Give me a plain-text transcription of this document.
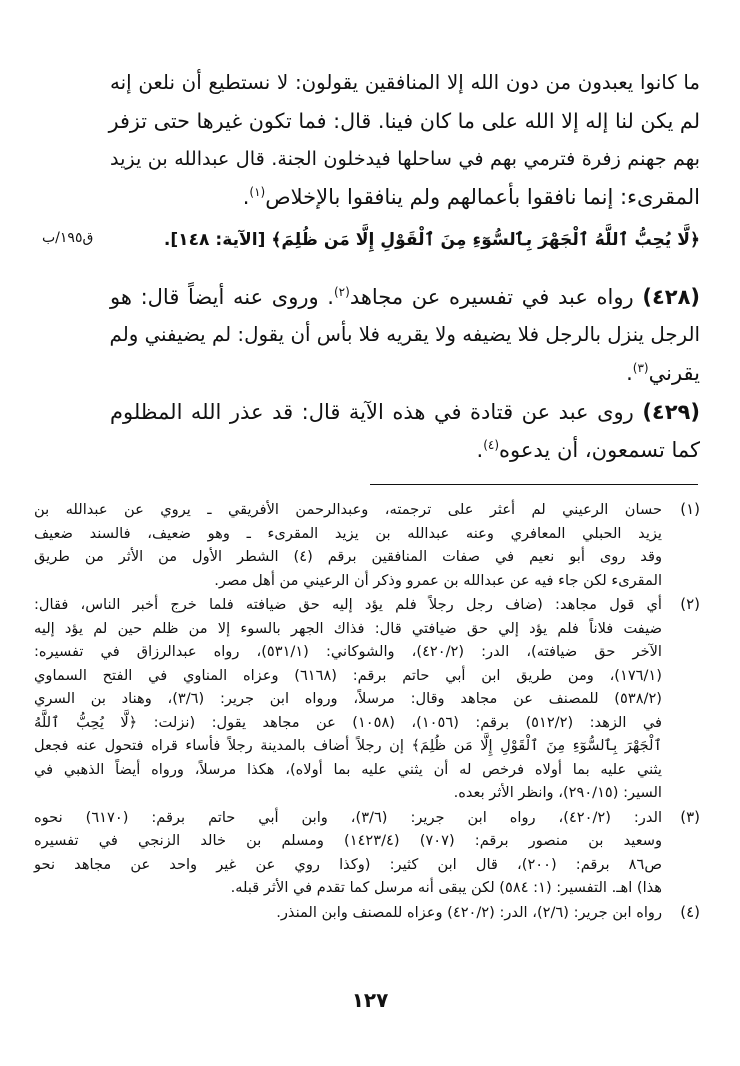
ما كانوا يعبدون من دون الله إلا المنافقين يقولون: لا نستطيع أن نلعن إنه
لم يكن لنا إله إلا الله على ما كان فينا. قال: فما تكون غيرها حتى تزفر
بهم جهنم زفرة فترمي بهم في ساحلها فيدخلون الجنة. قال عبدالله بن يزيد
المقرىء: إنما نافقوا بأعمالهم ولم ينافقوا بالإخلاص$^{(١)}$.
﴿لَّا يُحِبُّ ٱللَّهُ ٱلْجَهْرَ بِٱلسُّوٓءِ مِنَ ٱلْقَوْلِ إِلَّا مَن ظُلِمَ﴾ [الآية: ١٤٨].
ق١٩٥/ب
(٤٢٨) رواه عبد في تفسيره عن مجاهد$^{(٢)}$. وروى عنه أيضاً قال: هو
الرجل ينزل بالرجل فلا يضيفه ولا يقريه فلا بأس أن يقول: لم يضيفني ولم
يقرني$^{(٣)}$.
(٤٢٩) روى عبد عن قتادة في هذه الآية قال: قد عذر الله المظلوم
كما تسمعون، أن يدعوه$^{(٤)}$.
(١)
حسان الرعيني لم أعثر على ترجمته، وعبدالرحمن الأفريقي ـ يروي عن عبدالله بن
يزيد الحبلي المعافري وعنه عبدالله بن يزيد المقرىء ـ وهو ضعيف، فالسند ضعيف
وقد روى أبو نعيم في صفات المنافقين برقم (٤) الشطر الأول من الأثر من طريق
المقرىء لكن جاء فيه عن عبدالله بن عمرو وذكر أن الرعيني من أهل مصر.
(٢)
أي قول مجاهد: (ضاف رجل رجلاً فلم يؤد إليه حق ضيافته فلما خرج أخبر الناس، فقال:
ضيفت فلاناً فلم يؤد إلي حق ضيافتي قال: فذاك الجهر بالسوء إلا من ظلم حين لم يؤد إليه
الآخر حق ضيافته)، الدر: (٤٢٠/٢)، والشوكاني: (٥٣١/١)، رواه عبدالرزاق في تفسيره:
(١٧٦/١)، ومن طريق ابن أبي حاتم برقم: (٦١٦٨) وعزاه المناوي في الفتح السماوي
(٥٣٨/٢) للمصنف عن مجاهد وقال: مرسلاً، ورواه ابن جرير: (٣/٦)، وهناد بن السري
في الزهد: (٥١٢/٢) برقم: (١٠٥٦)، (١٠٥٨) عن مجاهد يقول: (نزلت: ﴿لَّا يُحِبُّ ٱللَّهُ
ٱلْجَهْرَ بِٱلسُّوٓءِ مِنَ ٱلْقَوْلِ إِلَّا مَن ظُلِمَ﴾ إن رجلاً أضاف بالمدينة رجلاً فأساء قراه فتحول عنه فجعل
يثني عليه بما أولاه فرخص له أن يثني عليه بما أولاه)، هكذا مرسلاً، ورواه أيضاً الذهبي في
السير: (٢٩٠/١٥)، وانظر الأثر بعده.
(٣)
الدر: (٤٢٠/٢)، رواه ابن جرير: (٣/٦)، وابن أبي حاتم برقم: (٦١٧٠) نحوه
وسعيد بن منصور برقم: (٧٠٧) (١٤٢٣/٤) ومسلم بن خالد الزنجي في تفسيره
ص٨٦ برقم: (٢٠٠)، قال ابن كثير: (وكذا روي عن غير واحد عن مجاهد نحو
هذا) اهـ. التفسير: (١: ٥٨٤) لكن يبقى أنه مرسل كما تقدم في الأثر قبله.
(٤)
رواه ابن جرير: (٢/٦)، الدر: (٤٢٠/٢) وعزاه للمصنف وابن المنذر.
١٢٧
